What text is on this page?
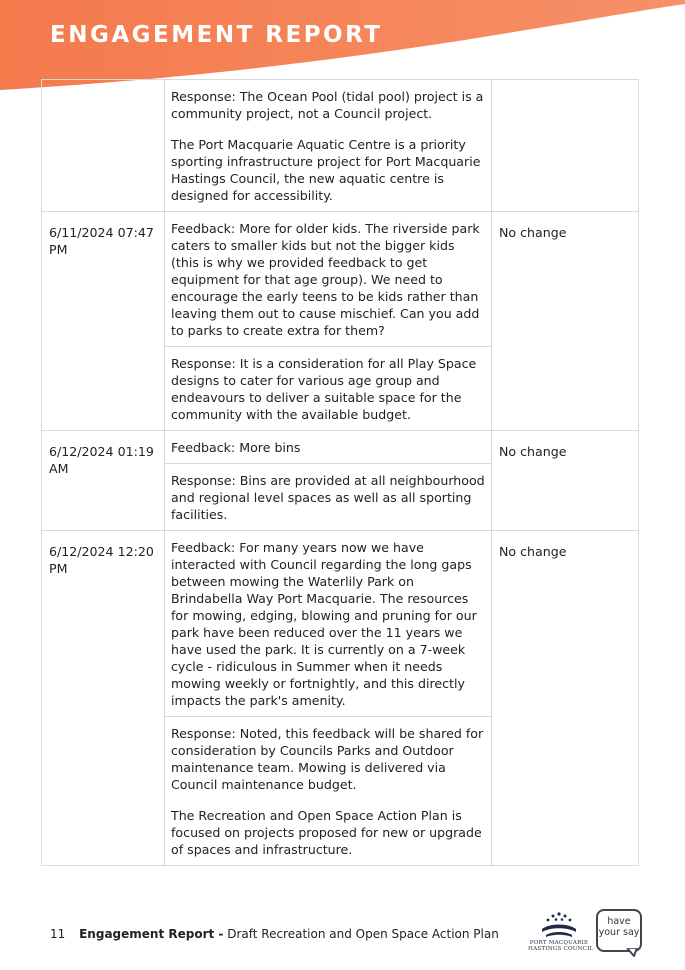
ENGAGEMENT REPORT

	Response: The Ocean Pool (tidal pool) project is a community project, not a Council project.

The Port Macquarie Aquatic Centre is a priority sporting infrastructure project for Port Macquarie Hastings Council, the new aquatic centre is designed for accessibility.	

6/11/2024 07:47 PM	Feedback: More for older kids. The riverside park caters to smaller kids but not the bigger kids (this is why we provided feedback to get equipment for that age group). We need to encourage the early teens to be kids rather than leaving them out to cause mischief. Can you add to parks to create extra for them?

Response: It is a consideration for all Play Space designs to cater for various age group and endeavours to deliver a suitable space for the community with the available budget.	No change
6/12/2024 01:19 AM	Feedback: More bins

Response: Bins are provided at all neighbourhood and regional level spaces as well as all sporting facilities.	No change
6/12/2024 12:20 PM	Feedback: For many years now we have interacted with Council regarding the long gaps between mowing the Waterlily Park on Brindabella Way Port Macquarie. The resources for mowing, edging, blowing and pruning for our park have been reduced over the 11 years we have used the park. It is currently on a 7-week cycle - ridiculous in Summer when it needs mowing weekly or fortnightly, and this directly impacts the park's amenity.

Response: Noted, this feedback will be shared for consideration by Councils Parks and Outdoor maintenance team. Mowing is delivered via Council maintenance budget.

The Recreation and Open Space Action Plan is focused on projects proposed for new or upgrade of spaces and infrastructure.	No change
11 Engagement Report - Draft Recreation and Open Space Action Plan
PORT MACQUARIE
HASTINGS COUNCIL
have
your say
